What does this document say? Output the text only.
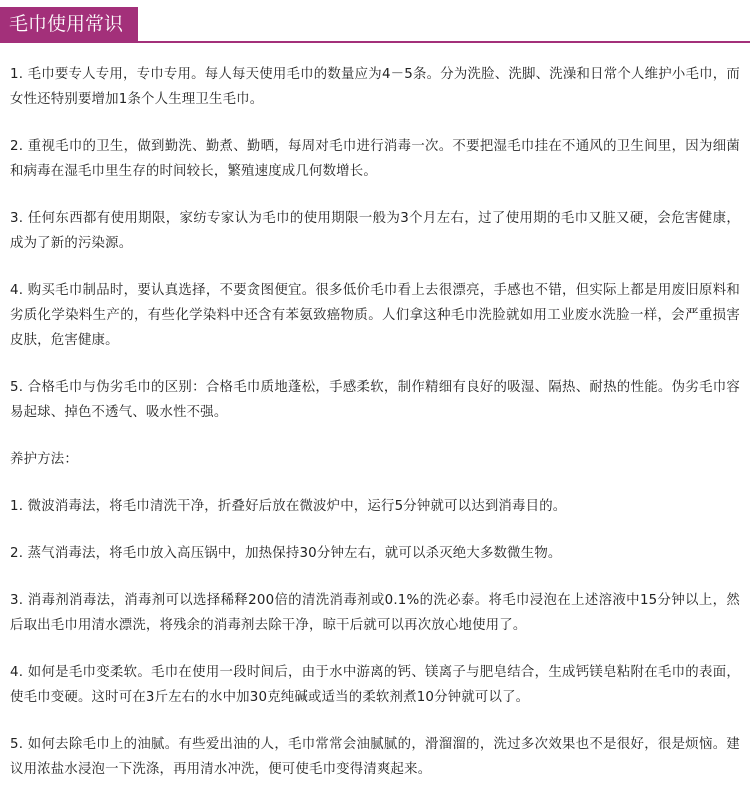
毛巾使用常识

1. 毛巾要专人专用，专巾专用。每人每天使用毛巾的数量应为4－5条。分为洗脸、洗脚、洗澡和日常个人维护小毛巾，而女性还特别要增加1条个人生理卫生毛巾。

2. 重视毛巾的卫生，做到勤洗、勤煮、勤晒，每周对毛巾进行消毒一次。不要把湿毛巾挂在不通风的卫生间里，因为细菌和病毒在湿毛巾里生存的时间较长，繁殖速度成几何数增长。

3. 任何东西都有使用期限，家纺专家认为毛巾的使用期限一般为3个月左右，过了使用期的毛巾又脏又硬，会危害健康，成为了新的污染源。

4. 购买毛巾制品时，要认真选择，不要贪图便宜。很多低价毛巾看上去很漂亮，手感也不错，但实际上都是用废旧原料和劣质化学染料生产的，有些化学染料中还含有苯氨致癌物质。人们拿这种毛巾洗脸就如用工业废水洗脸一样，会严重损害皮肤，危害健康。

5. 合格毛巾与伪劣毛巾的区别：合格毛巾质地蓬松，手感柔软，制作精细有良好的吸湿、隔热、耐热的性能。伪劣毛巾容易起球、掉色不透气、吸水性不强。

养护方法：

1. 微波消毒法，将毛巾清洗干净，折叠好后放在微波炉中，运行5分钟就可以达到消毒目的。

2. 蒸气消毒法，将毛巾放入高压锅中，加热保持30分钟左右，就可以杀灭绝大多数微生物。

3. 消毒剂消毒法，消毒剂可以选择稀释200倍的清洗消毒剂或0.1%的洗必泰。将毛巾浸泡在上述溶液中15分钟以上，然后取出毛巾用清水漂洗，将残余的消毒剂去除干净，晾干后就可以再次放心地使用了。

4. 如何是毛巾变柔软。毛巾在使用一段时间后，由于水中游离的钙、镁离子与肥皂结合，生成钙镁皂粘附在毛巾的表面，使毛巾变硬。这时可在3斤左右的水中加30克纯碱或适当的柔软剂煮10分钟就可以了。

5. 如何去除毛巾上的油腻。有些爱出油的人，毛巾常常会油腻腻的，滑溜溜的，洗过多次效果也不是很好，很是烦恼。建议用浓盐水浸泡一下洗涤，再用清水冲洗，便可使毛巾变得清爽起来。
